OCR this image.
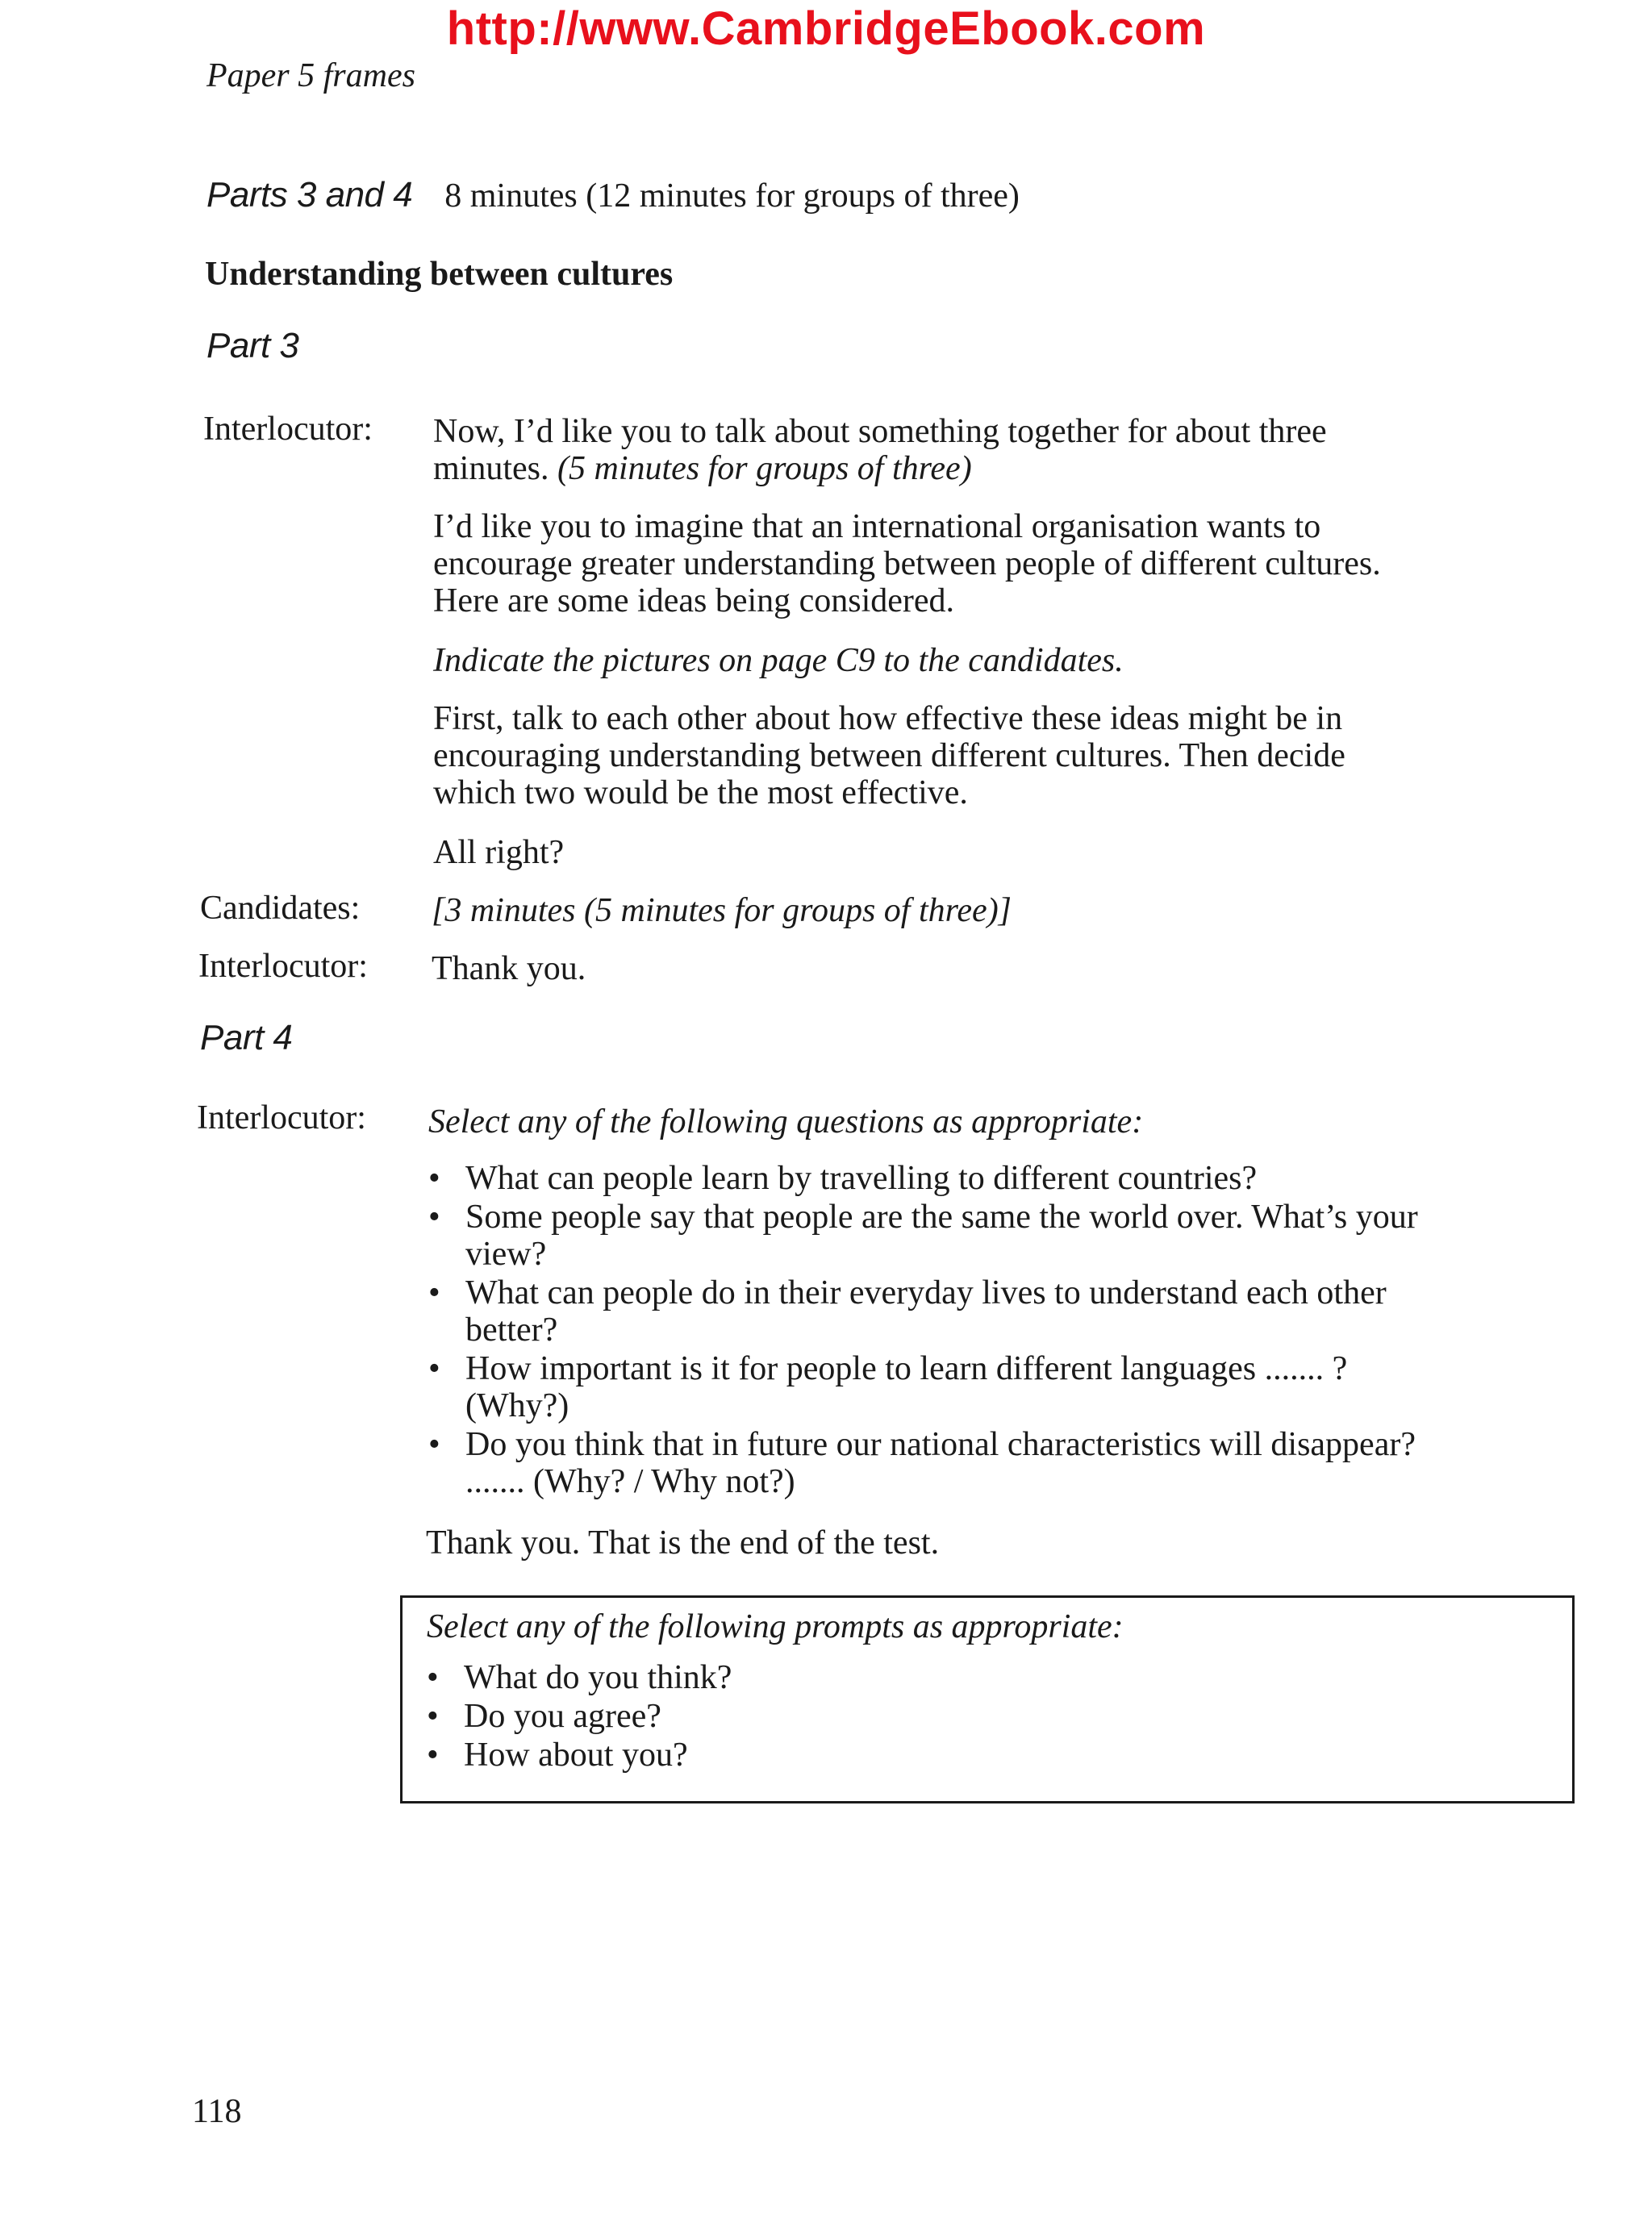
http://www.CambridgeEbook.com
Paper 5 frames
Parts 3 and 4 8 minutes (12 minutes for groups of three)
Understanding between cultures
Part 3
Interlocutor: Now, I’d like you to talk about something together for about three minutes. (5 minutes for groups of three)
I’d like you to imagine that an international organisation wants to encourage greater understanding between people of different cultures. Here are some ideas being considered.
Indicate the pictures on page C9 to the candidates.
First, talk to each other about how effective these ideas might be in encouraging understanding between different cultures. Then decide which two would be the most effective.
All right?
Candidates: [3 minutes (5 minutes for groups of three)]
Interlocutor: Thank you.
Part 4
Interlocutor: Select any of the following questions as appropriate:
• What can people learn by travelling to different countries?
• Some people say that people are the same the world over. What’s your view?
• What can people do in their everyday lives to understand each other better?
• How important is it for people to learn different languages ....... ? (Why?)
• Do you think that in future our national characteristics will disappear? ....... (Why? / Why not?)
Thank you. That is the end of the test.
Select any of the following prompts as appropriate:
• What do you think?
• Do you agree?
• How about you?
118
